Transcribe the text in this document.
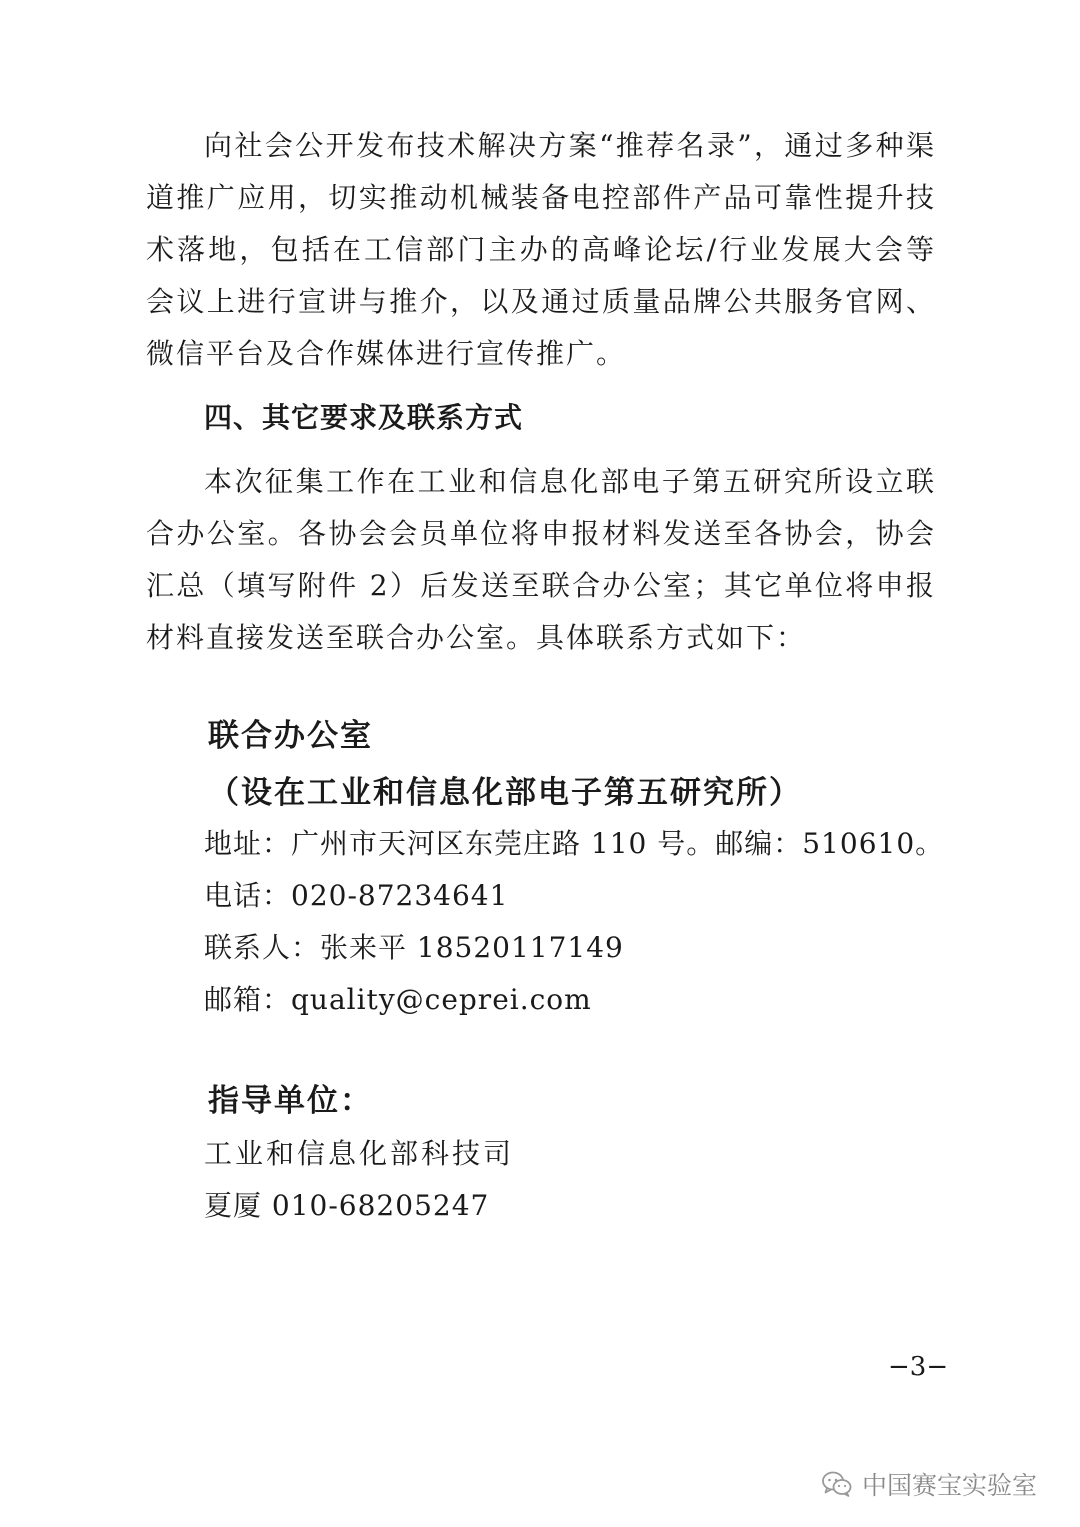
向社会公开发布技术解决方案“推荐名录”，通过多种渠道推广应用，切实推动机械装备电控部件产品可靠性提升技术落地，包括在工信部门主办的高峰论坛/行业发展大会等会议上进行宣讲与推介，以及通过质量品牌公共服务官网、微信平台及合作媒体进行宣传推广。

四、其它要求及联系方式

本次征集工作在工业和信息化部电子第五研究所设立联合办公室。各协会会员单位将申报材料发送至各协会，协会汇总（填写附件 2）后发送至联合办公室；其它单位将申报材料直接发送至联合办公室。具体联系方式如下：

联合办公室

（设在工业和信息化部电子第五研究所）

地址：广州市天河区东莞庄路 110 号。邮编：510610。

电话：020-87234641

联系人：张来平 18520117149

邮箱：quality@ceprei.com

指导单位：

工业和信息化部科技司

夏厦 010-68205247

−3−

中国赛宝实验室
